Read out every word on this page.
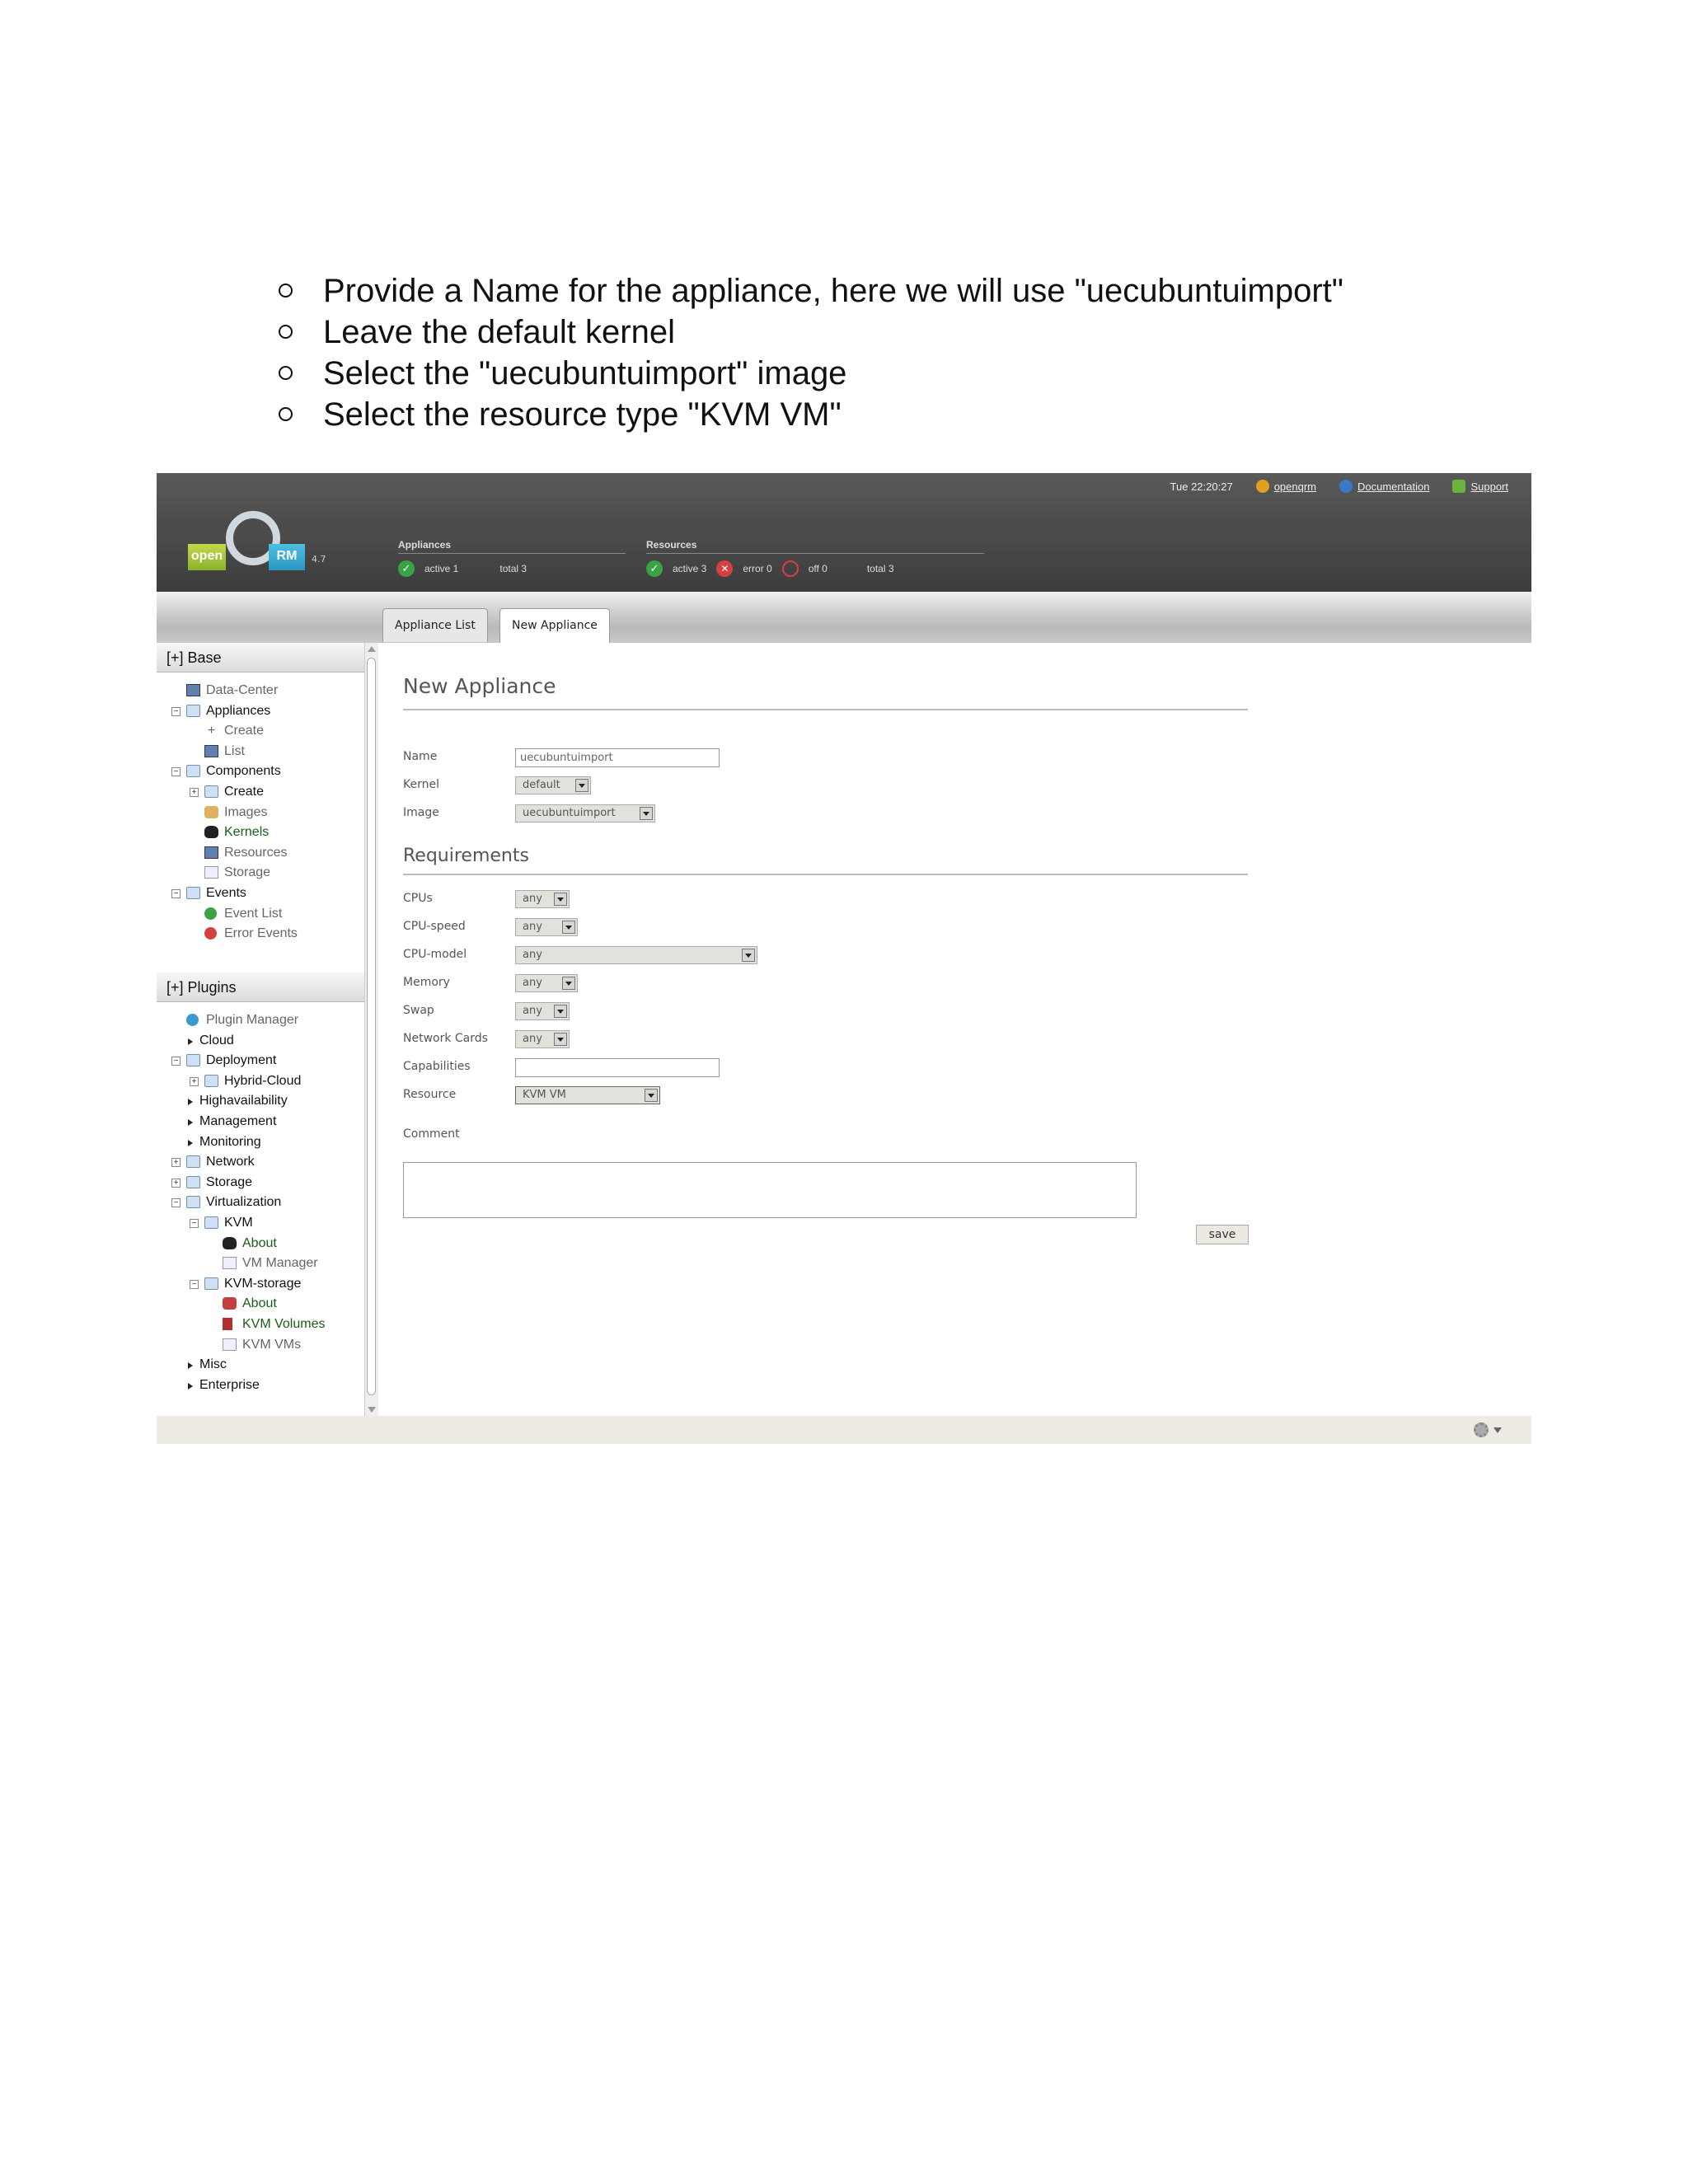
Provide a Name for the appliance, here we will use "uecubuntuimport"
Leave the default kernel
Select the "uecubuntuimport" image
Select the resource type "KVM VM"
Tue 22:20:27	openqrm	Documentation	Support
open	RM	4.7
Appliances
✓	active 1	total 3
Resources
✓	active 3	✕	error 0	off 0	total 3
Appliance List	New Appliance
[+] Base
Data-Center
− Appliances
+ Create
List
− Components
+ Create
Images
Kernels
Resources
Storage
− Events
Event List
Error Events
[+] Plugins
Plugin Manager
Cloud
− Deployment
+ Hybrid-Cloud
Highavailability
Management
Monitoring
+ Network
+ Storage
− Virtualization
− KVM
About
VM Manager
− KVM-storage
About
KVM Volumes
KVM VMs
Misc
Enterprise
New Appliance
Name	uecubuntuimport
Kernel	default
Image	uecubuntuimport
Requirements
CPUs	any
CPU-speed	any
CPU-model	any
Memory	any
Swap	any
Network Cards	any
Capabilities
Resource	KVM VM
Comment
save
